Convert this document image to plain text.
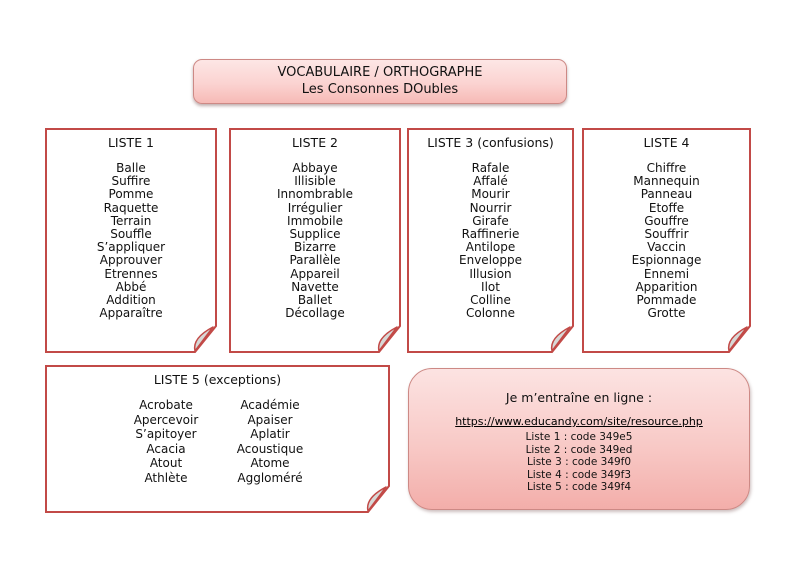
VOCABULAIRE / ORTHOGRAPHE
Les Consonnes DOubles
LISTE 1
Balle
Suffire
Pomme
Raquette
Terrain
Souffle
S’appliquer
Approuver
Etrennes
Abbé
Addition
Apparaître
LISTE 2
Abbaye
Illisible
Innombrable
Irrégulier
Immobile
Supplice
Bizarre
Parallèle
Appareil
Navette
Ballet
Décollage
LISTE 3 (confusions)
Rafale
Affalé
Mourir
Nourrir
Girafe
Raffinerie
Antilope
Enveloppe
Illusion
Ilot
Colline
Colonne
LISTE 4
Chiffre
Mannequin
Panneau
Etoffe
Gouffre
Souffrir
Vaccin
Espionnage
Ennemi
Apparition
Pommade
Grotte
LISTE 5 (exceptions)
Acrobate	Académie
Apercevoir	Apaiser
S’apitoyer	Aplatir
Acacia	Acoustique
Atout	Atome
Athlète	Aggloméré
Je m’entraîne en ligne :
https://www.educandy.com/site/resource.php
Liste 1 : code 349e5
Liste 2 : code 349ed
Liste 3 : code 349f0
Liste 4 : code 349f3
Liste 5 : code 349f4
